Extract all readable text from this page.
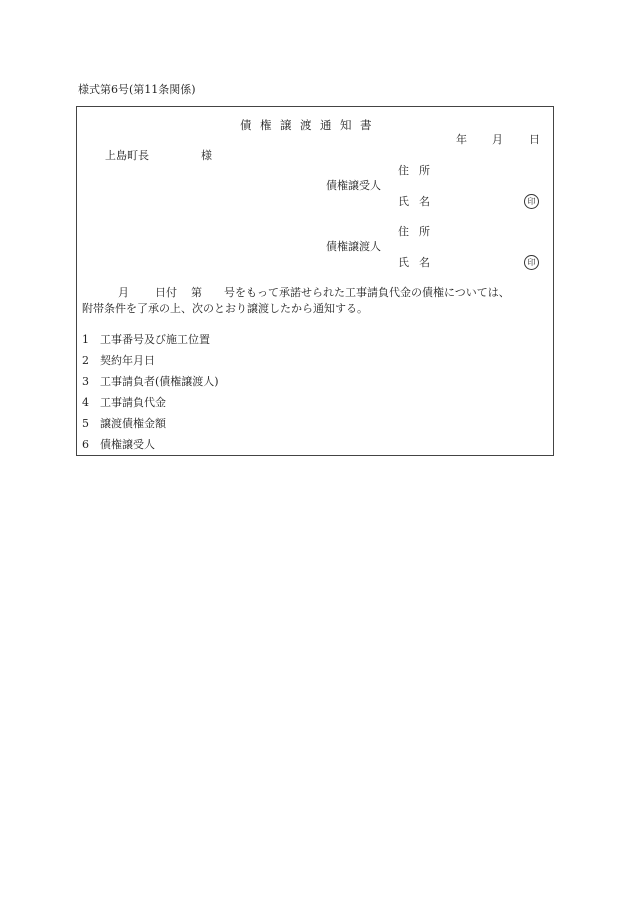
様式第6号(第11条関係)
債権譲渡通知書
年 月 日
上島町長	様
住所
債権譲受人
氏名	印
住所
債権譲渡人
氏名	印
月 日付 第 号をもって承諾せられた工事請負代金の債権については、
附帯条件を了承の上、次のとおり譲渡したから通知する。
1 工事番号及び施工位置
2 契約年月日
3 工事請負者(債権譲渡人)
4 工事請負代金
5 譲渡債権金額
6 債権譲受人
